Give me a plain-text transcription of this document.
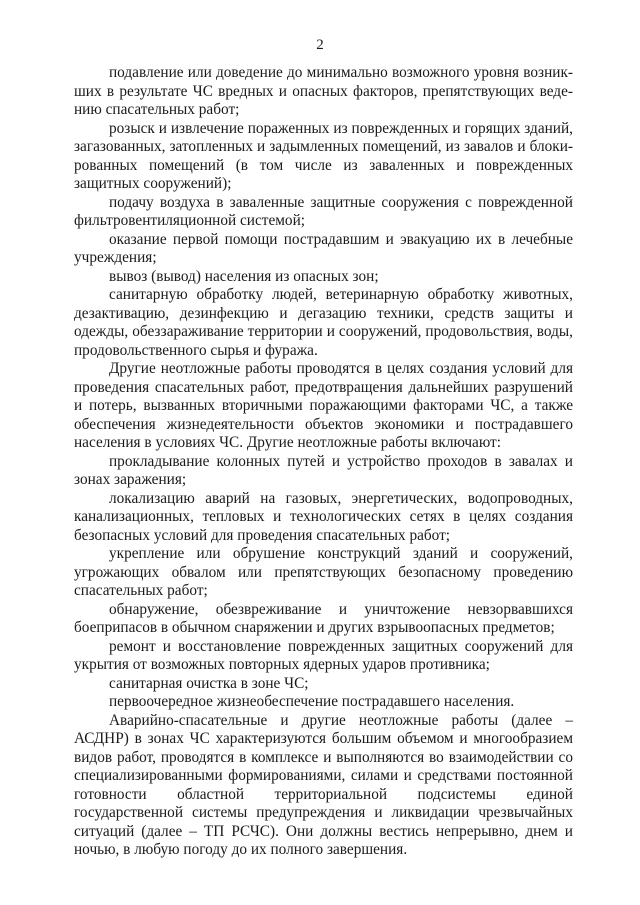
2

подавление или доведение до минимально возможного уровня возникших в результате ЧС вредных и опасных факторов, препятствующих ведению спасательных работ;

розыск и извлечение пораженных из поврежденных и горящих зданий, загазованных, затопленных и задымленных помещений, из завалов и блокированных помещений (в том числе из заваленных и поврежденных защитных сооружений);

подачу воздуха в заваленные защитные сооружения с поврежденной фильтровентиляционной системой;

оказание первой помощи пострадавшим и эвакуацию их в лечебные учреждения;

вывоз (вывод) населения из опасных зон;

санитарную обработку людей, ветеринарную обработку животных, дезактивацию, дезинфекцию и дегазацию техники, средств защиты и одежды, обеззараживание территории и сооружений, продовольствия, воды, продовольственного сырья и фуража.

Другие неотложные работы проводятся в целях создания условий для проведения спасательных работ, предотвращения дальнейших разрушений и потерь, вызванных вторичными поражающими факторами ЧС, а также обеспечения жизнедеятельности объектов экономики и пострадавшего населения в условиях ЧС. Другие неотложные работы включают:

прокладывание колонных путей и устройство проходов в завалах и зонах заражения;

локализацию аварий на газовых, энергетических, водопроводных, канализационных, тепловых и технологических сетях в целях создания безопасных условий для проведения спасательных работ;

укрепление или обрушение конструкций зданий и сооружений, угрожающих обвалом или препятствующих безопасному проведению спасательных работ;

обнаружение, обезвреживание и уничтожение невзорвавшихся боеприпасов в обычном снаряжении и других взрывоопасных предметов;

ремонт и восстановление поврежденных защитных сооружений для укрытия от возможных повторных ядерных ударов противника;

санитарная очистка в зоне ЧС;

первоочередное жизнеобеспечение пострадавшего населения.

Аварийно-спасательные и другие неотложные работы (далее – АСДНР) в зонах ЧС характеризуются большим объемом и многообразием видов работ, проводятся в комплексе и выполняются во взаимодействии со специализированными формированиями, силами и средствами постоянной готовности областной территориальной подсистемы единой государственной системы предупреждения и ликвидации чрезвычайных ситуаций (далее – ТП РСЧС). Они должны вестись непрерывно, днем и ночью, в любую погоду до их полного завершения.
